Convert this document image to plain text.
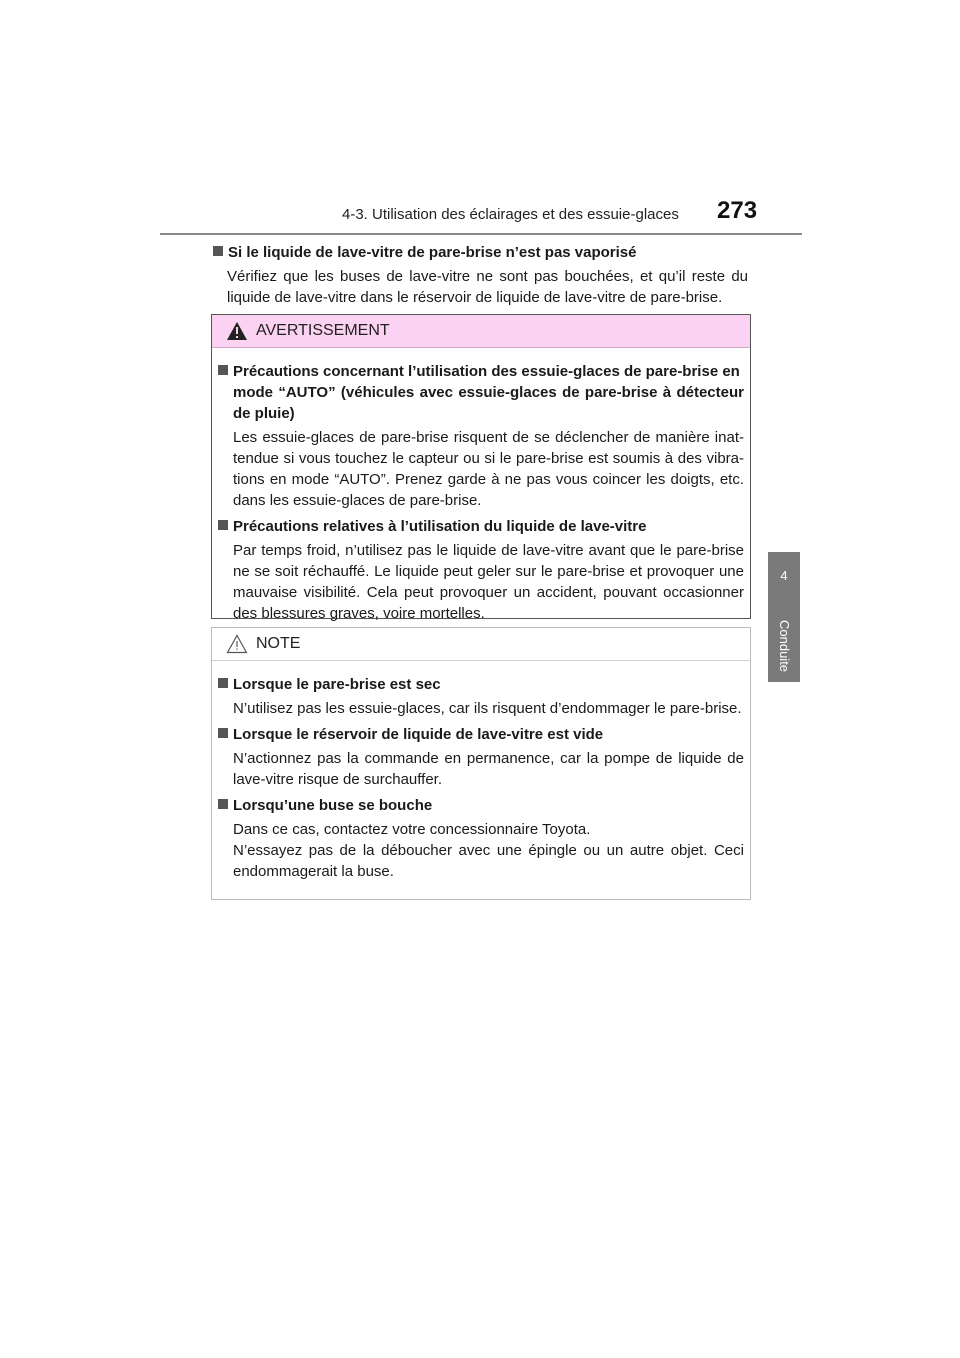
4-3. Utilisation des éclairages et des essuie-glaces 273
4
Conduite
Si le liquide de lave-vitre de pare-brise n’est pas vaporisé
Vérifiez que les buses de lave-vitre ne sont pas bouchées, et qu’il reste du liquide de lave-vitre dans le réservoir de liquide de lave-vitre de pare-brise.
AVERTISSEMENT
Précautions concernant l’utilisation des essuie-glaces de pare-brise en
mode “AUTO” (véhicules avec essuie-glaces de pare-brise à détecteur de pluie)
Les essuie-glaces de pare-brise risquent de se déclencher de manière inat-tendue si vous touchez le capteur ou si le pare-brise est soumis à des vibra-tions en mode “AUTO”. Prenez garde à ne pas vous coincer les doigts, etc. dans les essuie-glaces de pare-brise.
Précautions relatives à l’utilisation du liquide de lave-vitre
Par temps froid, n’utilisez pas le liquide de lave-vitre avant que le pare-brise ne se soit réchauffé. Le liquide peut geler sur le pare-brise et provoquer une mauvaise visibilité. Cela peut provoquer un accident, pouvant occasionner des blessures graves, voire mortelles.
NOTE
Lorsque le pare-brise est sec
N’utilisez pas les essuie-glaces, car ils risquent d’endommager le pare-brise.
Lorsque le réservoir de liquide de lave-vitre est vide
N’actionnez pas la commande en permanence, car la pompe de liquide de lave-vitre risque de surchauffer.
Lorsqu’une buse se bouche
Dans ce cas, contactez votre concessionnaire Toyota.
N’essayez pas de la déboucher avec une épingle ou un autre objet. Ceci endommagerait la buse.
